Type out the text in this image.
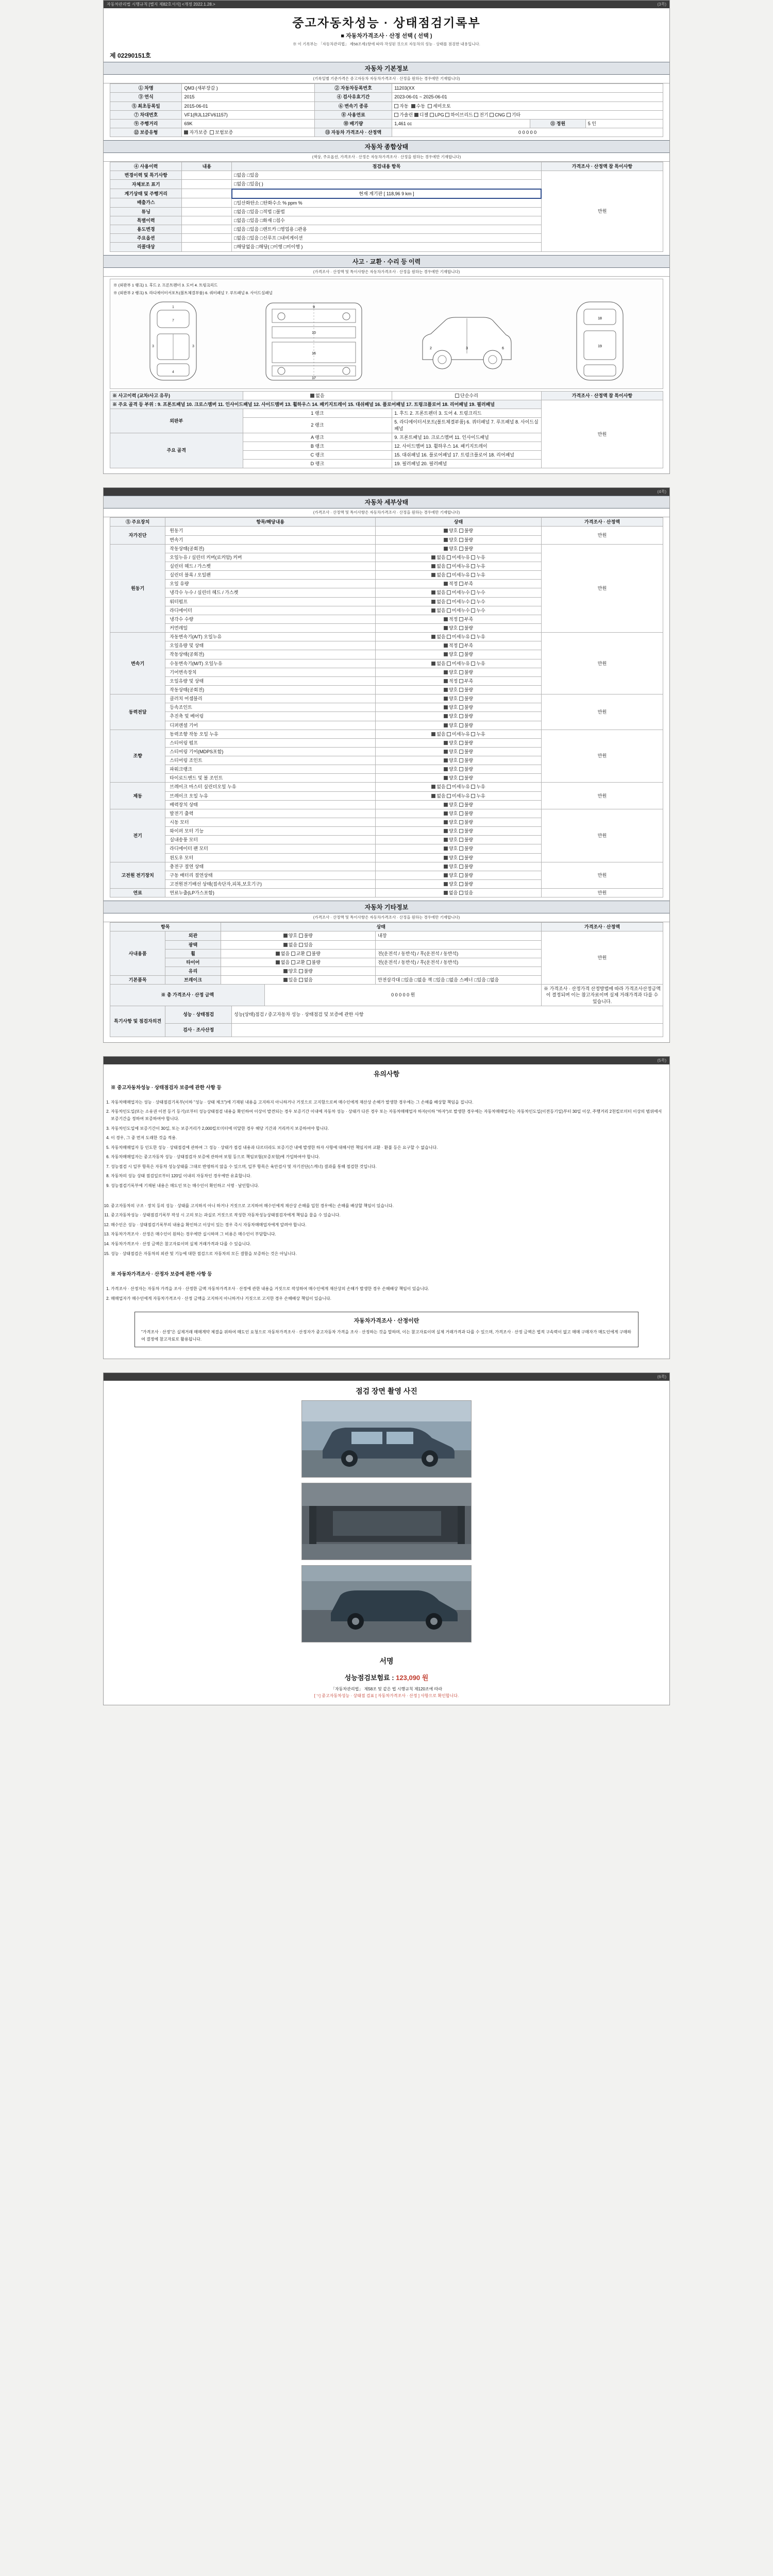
자동차관리법 시행규칙 [별지 제82호서식] <개정 2022.1.28.>	(3쪽)
중고자동차성능 · 상태점검기록부
■ 자동차가격조사 · 산정 선택 ( 선택 )
※ 이 기록부는 「자동차관리법」 제58조제1항에 따라 작성된 것으로 자동차의 성능 · 상태를 점검한 내용입니다.
제 02290151호
자동차 기본정보
(기록일별 기준가격은 중고자동차 자동차가격조사 · 산정을 원하는 경우에만 기재합니다)
① 차명	QM3 (새부장갑 )	② 자동차등록번호	11203(XX		
③ 연식	2015	④ 검사유효기간	2023-06-01 ~ 2025-06-01		
⑤ 최초등록일	2015-06-01	⑥ 변속기 종류	자동 수동 세미오토		
⑦ 차대번호	VF1(RJL12FV61157)	⑧ 사용연료	가솔린 디젤 LPG 하이브리드 전기 CNG 기타		
⑨ 주행거리	69K	⑩ 배기량	1,461 cc	⑪ 정원	5 인
⑫ 보증유형	자가보증 보험보증	⑬ 자동차 가격조사 · 산정액	0 0 0 0 0		
자동차 종합상태
(색상, 주요옵션, 가격조사 · 산정은 자동차가격조사 · 산정을 원하는 경우에만 기재합니다)
④ 사용이력	내용	점검내용 항목	가격조사 · 산정액 참 특이사항
변경이력 및 특기사항		□없음 □있음	만원
자체보조 표기		□없음 □있음( )	
계기상태 및 주행거리		현재 계기판 [ 118,96 9 km ]	
배출가스		□일산화탄소 □탄화수소 % ppm %	
튜닝		□없음 □있음 □적법 □불법	
특별이력		□없음 □있음 □화재 □침수	
용도변경		□없음 □있음 □렌트카 □영업용 □관용	
주요옵션		□없음 □있음 □선루프 □내비게이션	
리콜대상		□해당없음 □해당( □이행 □미이행 )	
사고 · 교환 · 수리 등 이력
(가격조사 · 산정액 및 특이사항은 자동차가격조사 · 산정을 원하는 경우에만 기재합니다)
※ (외판부 1 랭크) 1. 후드 2. 프론트펜더 3. 도어 4. 트렁크리드
※ (외판부 2 랭크) 5. 라디에이터서포트(볼트체결부품) 6. 쿼터패널 7. 루프패널 8. 사이드실패널
1
7
4
3	3
9
10
16
17
2	3	6
18
19
※ 사고이력 (교차/사고 유무)	없음	단순수리	가격조사 · 산정액 참 특이사항
※ 주요 골격 등 부위 : 9. 프론트패널 10. 크로스멤버 11. 인사이드패널 12. 사이드멤버 13. 휠하우스 14. 패키지트레이 15. 대쉬패널 16. 플로어패널 17. 트렁크플로어 18. 리어패널 19. 필러패널			만원
외판부	1 랭크	1. 후드 2. 프론트펜더 3. 도어 4. 트렁크리드	
	2 랭크	5. 라디에이터서포트(볼트체결부품) 6. 쿼터패널 7. 루프패널 8. 사이드실패널	
주요 골격	A 랭크	9. 프론트패널 10. 크로스멤버 11. 인사이드패널	
	B 랭크	12. 사이드멤버 13. 휠하우스 14. 패키지트레이	
	C 랭크	15. 대쉬패널 16. 플로어패널 17. 트렁크플로어 18. 리어패널	
	D 랭크	19. 필러패널 20. 필러패널	
(4쪽)
자동차 세부상태
(가격조사 · 산정액 및 특이사항은 자동차가격조사 · 산정을 원하는 경우에만 기재합니다)
⑤ 주요장치	항목/해당내용	상태	가격조사 · 산정액
자가진단	원동기	양호 불량	만원
	변속기	양호 불량	
원동기	작동상태(공회전)	양호 불량	만원
	오일누유 / 실린더 커버(로커암) 커버	없음 미세누유 누유	
	실린더 헤드 / 가스켓	없음 미세누유 누유	
	실린더 블록 / 오일팬	없음 미세누유 누유	
	오일 유량	적정 부족	
	냉각수 누수 / 실린더 헤드 / 가스켓	없음 미세누수 누수	
	워터펌프	없음 미세누수 누수	
	라디에이터	없음 미세누수 누수	
	냉각수 수량	적정 부족	
	커먼레일	양호 불량	
변속기	자동변속기(A/T) 오일누유	없음 미세누유 누유	만원
	오일유량 및 상태	적정 부족	
	작동상태(공회전)	양호 불량	
	수동변속기(M/T) 오일누유	없음 미세누유 누유	
	기어변속장치	양호 불량	
	오일유량 및 상태	적정 부족	
	작동상태(공회전)	양호 불량	
동력전달	클러치 어셈블리	양호 불량	만원
	등속조인트	양호 불량	
	추진축 및 베어링	양호 불량	
	디퍼렌셜 기어	양호 불량	
조향	동력조향 작동 오일 누유	없음 미세누유 누유	만원
	스티어링 펌프	양호 불량	
	스티어링 기어(MDPS포함)	양호 불량	
	스티어링 조인트	양호 불량	
	파워크랭크	양호 불량	
	타이로드엔드 및 볼 조인트	양호 불량	
제동	브레이크 마스터 실린더오일 누유	없음 미세누유 누유	만원
	브레이크 오일 누유	없음 미세누유 누유	
	배력장치 상태	양호 불량	
전기	발전기 출력	양호 불량	만원
	시동 모터	양호 불량	
	와이퍼 모터 기능	양호 불량	
	실내송풍 모터	양호 불량	
	라디에이터 팬 모터	양호 불량	
	윈도우 모터	양호 불량	
고전원 전기장치	충전구 절연 상태	양호 불량	만원
	구동 배터리 절연상태	양호 불량	
	고전원전기배선 상태(접속단자,피복,보호기구)	양호 불량	
연료	연료누출(LP가스포함)	없음 있음	만원
자동차 기타정보
(가격조사 · 산정액 및 특이사항은 자동차가격조사 · 산정을 원하는 경우에만 기재합니다)
항목		상태		가격조사 · 산정액
사내용품	외관	양호 불량	내장	만원
	광택	없음 있음		
	휠	없음 교환 불량	전(운전석 / 동반석) / 후(운전석 / 동반석)	
	타이어	없음 교환 불량	전(운전석 / 동반석) / 후(운전석 / 동반석)	
	유리	양호 불량		
기본품목	브레이크	있음 없음	안전삼각대 □있음 □없음 잭 □있음 □없음 스페너 □있음 □없음	
※ 총 가격조사 · 산정 금액	0 0 0 0 0 원	※ 가격조사 · 산정가격 산정방법에 따라 가격조사산정금액이 결정되며 이는 참고자료이며 실제 거래가격과 다를 수 있습니다.
특기사항 및 점검자의견	성능 · 상태점검	성능(상태)점검 / 중고자동차 성능 · 상태점검 및 보증에 관한 사항
	검사 · 조사산정	
(5쪽)
유의사항
※ 중고자동차성능 · 상태점검자 보증에 관한 사항 등
1. 자동차매매업자는 성능 · 상태점검기록부(이하 "성능 · 상태 체크")에 기재된 내용을 고지하지 아니하거나 거짓으로 고지함으로써 매수인에게 재산상 손해가 발생한 경우에는 그 손해를 배상할 책임을 집니다.
2. 자동차인도일(또는 소유권 이전 등기 등기)로부터 성능상태점검 내용을 확인하여 이상이 발견되는 경우 보증기간 이내에 자동차 성능 · 상태가 다른 경우 또는 자동차매매업자 하자(이하 "하자")로 발생한 경우에는 자동차매매업자는 자동차인도일(이전등기일)부터 30일 이상, 주행거리 2천킬로미터 이상의 범위에서 보증기간을 정하여 보증하여야 합니다.
3. 자동차인도일에 보증기간이 30일, 또는 보증거리가 2,000킬로미터에 미달한 경우 해당 기간과 거리까지 보증하여야 합니다.
4. 이 경우, 그 중 먼저 도래한 것을 적용.
5. 자동차매매업자 등 인도한 성능 · 상태점검에 관하여 그 성능 · 상태가 점검 내용과 다르더라도 보증기간 내에 발생한 하자 사항에 대해서만 책임지며 교환 · 환불 등은 요구할 수 없습니다.
6. 자동차매매업자는 중고자동차 성능 · 상태점검자 보증에 관하여 보험 등으로 책임보험(보증보험)에 가입하여야 합니다.
7. 성능점검 시 일부 항목은 자동차 성능상태를 그대로 반영하지 않을 수 있으며, 일부 항목은 육안검사 및 자기진단(스캐너) 결과를 통해 점검한 것입니다.
8. 자동차의 성능 상태 점검일로부터 120일 이내의 자동차인 경우에만 유효합니다.
9. 성능점검기록부에 기재된 내용은 매도인 또는 매수인이 확인하고 서명 · 날인합니다.
10. 중고자동차의 구조 · 장치 등의 성능 · 상태를 고지하지 아니 하거나 거짓으로 고지하여 매수인에게 재산상 손해를 입힌 경우에는 손해를 배상할 책임이 있습니다.
11. 중고자동차성능 · 상태점검기록부 작성 시 고의 또는 과실로 거짓으로 작성한 자동차성능상태점검자에게 책임을 물을 수 있습니다.
12. 매수인은 성능 · 상태점검기록부의 내용을 확인하고 이상이 있는 경우 즉시 자동차매매업자에게 알려야 합니다.
13. 자동차가격조사 · 산정은 매수인이 원하는 경우에만 실시하며 그 비용은 매수인이 부담합니다.
14. 자동차가격조사 · 산정 금액은 참고자료이며 실제 거래가격과 다를 수 있습니다.
15. 성능 · 상태점검은 자동차의 외관 및 기능에 대한 점검으로 자동차의 모든 결함을 보증하는 것은 아닙니다.
※ 자동차가격조사 · 산정자 보증에 관한 사항 등
1. 가격조사 · 산정자는 자동차 가격을 조사 · 산정한 금액 자동차가격조사 · 산정에 관한 내용을 거짓으로 작성하여 매수인에게 재산상의 손해가 발생한 경우 손해배상 책임이 있습니다.
2. 매매업자가 매수인에게 자동차가격조사 · 산정 금액을 고지하지 아니하거나 거짓으로 고지한 경우 손해배상 책임이 있습니다.
자동차가격조사 · 산정이란
"가격조사 · 산정"은 실제거래 매매계약 체결을 위하여 매도인 요청으로 자동차가격조사 · 산정자가 중고자동차 가격을 조사 · 산정하는 것을 말하며, 이는 참고자료이며 실제 거래가격과 다를 수 있으며, 가격조사 · 산정 금액은 법적 구속력이 없고 매매 구매자가 매도인에게 구매하여 결정에 참고자료로 활용됩니다.
(6쪽)
점검 장면 촬영 사진
서명
성능점검보험료 : 123,090 원
「자동차관리법」 제58조 및 같은 법 시행규칙 제120조에 따라
[ㄱ] 중고자동차성능 · 상태점 검표 [ 자동차가격조사 · 산정 ] 사항으로 확인합니다.
